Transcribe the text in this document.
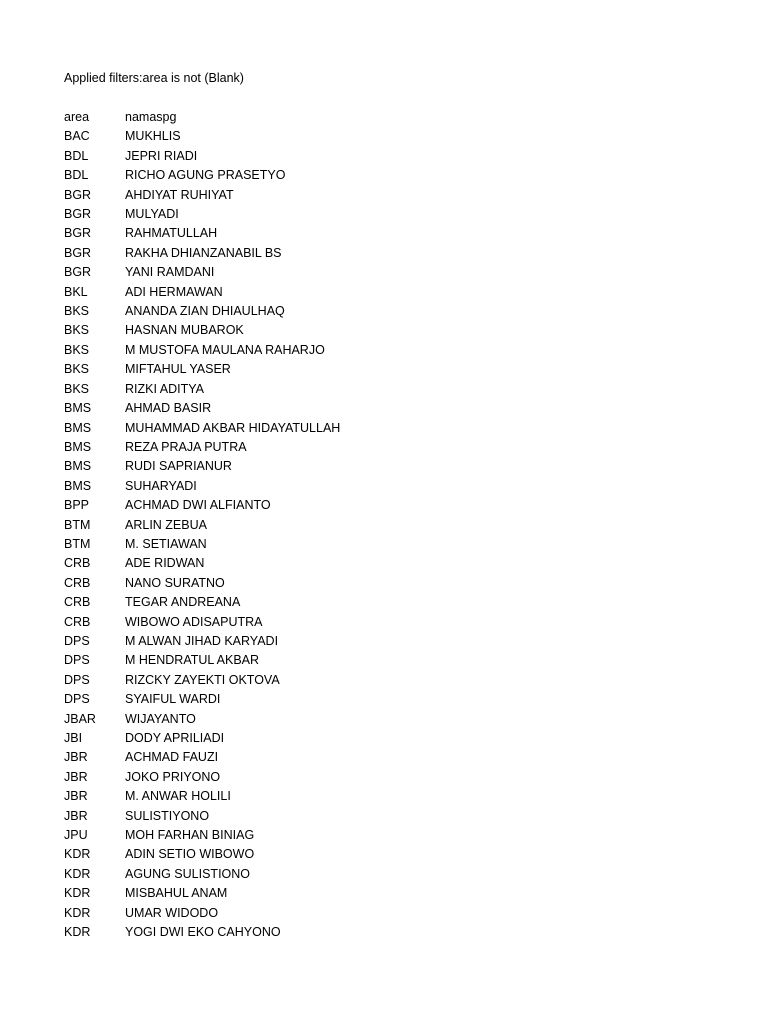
Applied filters:area is not (Blank)
area	namaspg
BAC	MUKHLIS
BDL	JEPRI RIADI
BDL	RICHO AGUNG PRASETYO
BGR	AHDIYAT RUHIYAT
BGR	MULYADI
BGR	RAHMATULLAH
BGR	RAKHA DHIANZANABIL BS
BGR	YANI RAMDANI
BKL	ADI HERMAWAN
BKS	ANANDA ZIAN DHIAULHAQ
BKS	HASNAN MUBAROK
BKS	M MUSTOFA MAULANA RAHARJO
BKS	MIFTAHUL YASER
BKS	RIZKI ADITYA
BMS	AHMAD BASIR
BMS	MUHAMMAD AKBAR HIDAYATULLAH
BMS	REZA PRAJA PUTRA
BMS	RUDI SAPRIANUR
BMS	SUHARYADI
BPP	ACHMAD DWI ALFIANTO
BTM	ARLIN ZEBUA
BTM	M. SETIAWAN
CRB	ADE RIDWAN
CRB	NANO SURATNO
CRB	TEGAR ANDREANA
CRB	WIBOWO ADISAPUTRA
DPS	M ALWAN JIHAD KARYADI
DPS	M HENDRATUL AKBAR
DPS	RIZCKY ZAYEKTI OKTOVA
DPS	SYAIFUL WARDI
JBAR	WIJAYANTO
JBI	DODY APRILIADI
JBR	ACHMAD FAUZI
JBR	JOKO PRIYONO
JBR	M. ANWAR HOLILI
JBR	SULISTIYONO
JPU	MOH FARHAN BINIAG
KDR	ADIN SETIO WIBOWO
KDR	AGUNG SULISTIONO
KDR	MISBAHUL ANAM
KDR	UMAR WIDODO
KDR	YOGI DWI EKO CAHYONO
